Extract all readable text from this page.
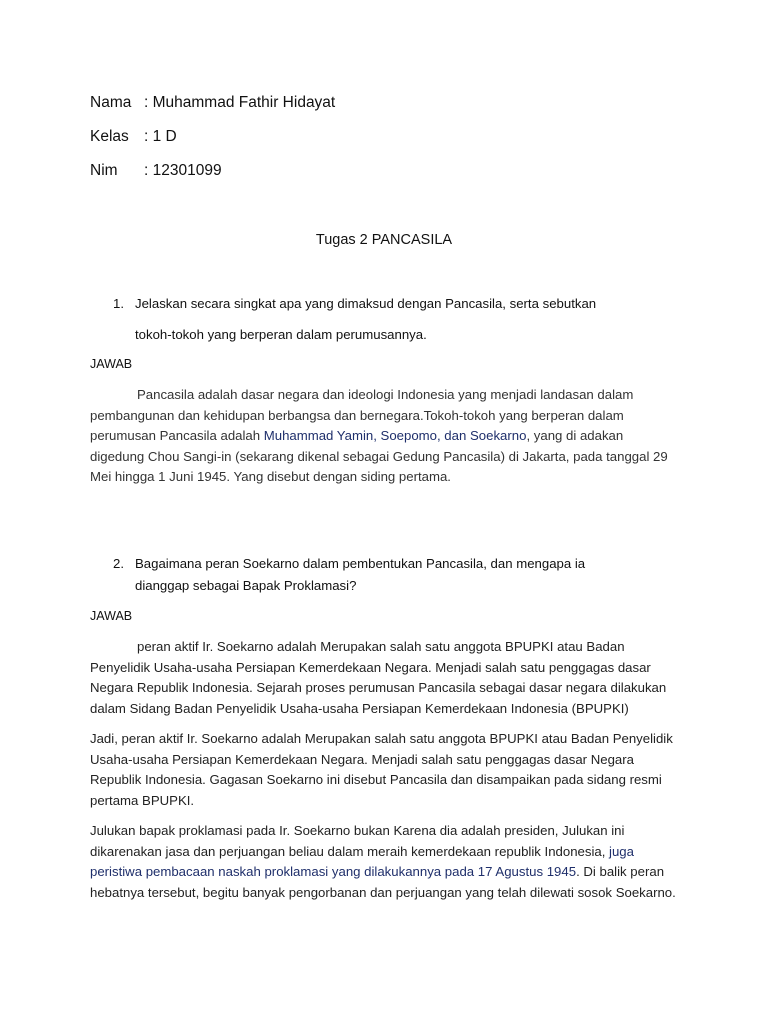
Nama : Muhammad Fathir Hidayat
Kelas : 1 D
Nim : 12301099
Tugas 2 PANCASILA
1. Jelaskan secara singkat apa yang dimaksud dengan Pancasila, serta sebutkan
tokoh-tokoh yang berperan dalam perumusannya.
JAWAB

Pancasila adalah dasar negara dan ideologi Indonesia yang menjadi landasan dalam pembangunan dan kehidupan berbangsa dan bernegara.Tokoh-tokoh yang berperan dalam perumusan Pancasila adalah Muhammad Yamin, Soepomo, dan Soekarno, yang di adakan digedung Chou Sangi-in (sekarang dikenal sebagai Gedung Pancasila) di Jakarta, pada tanggal 29 Mei hingga 1 Juni 1945. Yang disebut dengan siding pertama.

2. Bagaimana peran Soekarno dalam pembentukan Pancasila, dan mengapa ia
dianggap sebagai Bapak Proklamasi?
JAWAB

peran aktif Ir. Soekarno adalah Merupakan salah satu anggota BPUPKI atau Badan Penyelidik Usaha-usaha Persiapan Kemerdekaan Negara. Menjadi salah satu penggagas dasar Negara Republik Indonesia. Sejarah proses perumusan Pancasila sebagai dasar negara dilakukan dalam Sidang Badan Penyelidik Usaha-usaha Persiapan Kemerdekaan Indonesia (BPUPKI)

Jadi, peran aktif Ir. Soekarno adalah Merupakan salah satu anggota BPUPKI atau Badan Penyelidik Usaha-usaha Persiapan Kemerdekaan Negara. Menjadi salah satu penggagas dasar Negara Republik Indonesia. Gagasan Soekarno ini disebut Pancasila dan disampaikan pada sidang resmi pertama BPUPKI.

Julukan bapak proklamasi pada Ir. Soekarno bukan Karena dia adalah presiden, Julukan ini dikarenakan jasa dan perjuangan beliau dalam meraih kemerdekaan republik Indonesia, juga peristiwa pembacaan naskah proklamasi yang dilakukannya pada 17 Agustus 1945. Di balik peran hebatnya tersebut, begitu banyak pengorbanan dan perjuangan yang telah dilewati sosok Soekarno.
